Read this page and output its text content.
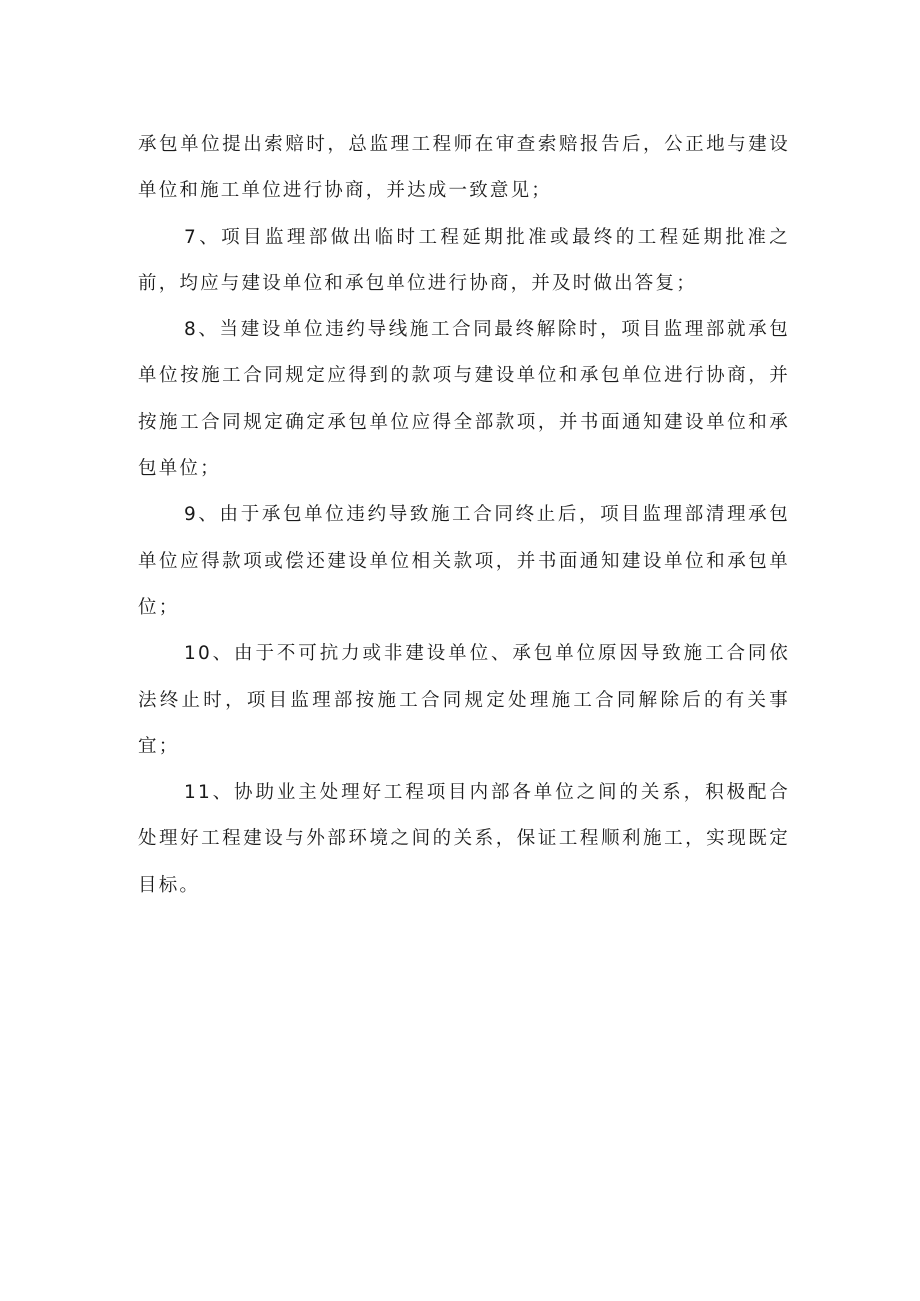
承包单位提出索赔时，总监理工程师在审查索赔报告后，公正地与建设单位和施工单位进行协商，并达成一致意见；

7、项目监理部做出临时工程延期批准或最终的工程延期批准之前，均应与建设单位和承包单位进行协商，并及时做出答复；

8、当建设单位违约导线施工合同最终解除时，项目监理部就承包单位按施工合同规定应得到的款项与建设单位和承包单位进行协商，并按施工合同规定确定承包单位应得全部款项，并书面通知建设单位和承包单位；

9、由于承包单位违约导致施工合同终止后，项目监理部清理承包单位应得款项或偿还建设单位相关款项，并书面通知建设单位和承包单位；

10、由于不可抗力或非建设单位、承包单位原因导致施工合同依法终止时，项目监理部按施工合同规定处理施工合同解除后的有关事宜；

11、协助业主处理好工程项目内部各单位之间的关系，积极配合处理好工程建设与外部环境之间的关系，保证工程顺利施工，实现既定目标。
